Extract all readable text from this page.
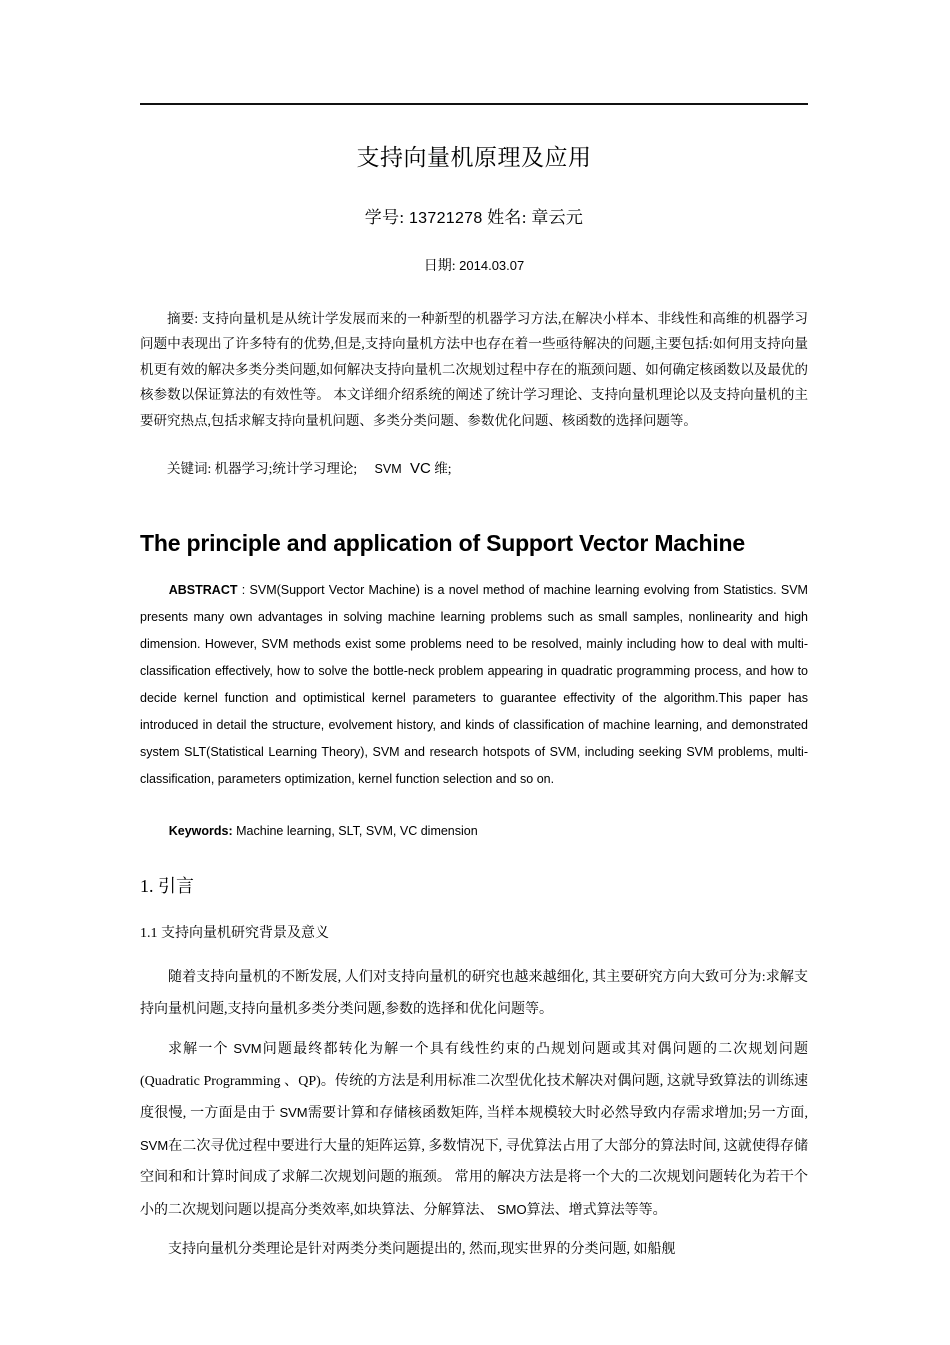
支持向量机原理及应用
学号: 13721278 姓名: 章云元
日期: 2014.03.07
摘要: 支持向量机是从统计学发展而来的一种新型的机器学习方法,在解决小样本、非线性和高维的机器学习问题中表现出了许多特有的优势,但是,支持向量机方法中也存在着一些亟待解决的问题,主要包括:如何用支持向量机更有效的解决多类分类问题,如何解决支持向量机二次规划过程中存在的瓶颈问题、如何确定核函数以及最优的核参数以保证算法的有效性等。 本文详细介绍系统的阐述了统计学习理论、支持向量机理论以及支持向量机的主要研究热点,包括求解支持向量机问题、多类分类问题、参数优化问题、核函数的选择问题等。
关键词: 机器学习;统计学习理论; SVM VC 维;
The principle and application of Support Vector Machine
ABSTRACT : SVM(Support Vector Machine) is a novel method of machine learning evolving from Statistics. SVM presents many own advantages in solving machine learning problems such as small samples, nonlinearity and high dimension. However, SVM methods exist some problems need to be resolved, mainly including how to deal with multi-classification effectively, how to solve the bottle-neck problem appearing in quadratic programming process, and how to decide kernel function and optimistical kernel parameters to guarantee effectivity of the algorithm.This paper has introduced in detail the structure, evolvement history, and kinds of classification of machine learning, and demonstrated system SLT(Statistical Learning Theory), SVM and research hotspots of SVM, including seeking SVM problems, multi-classification, parameters optimization, kernel function selection and so on.
Keywords: Machine learning, SLT, SVM, VC dimension
1. 引言
1.1 支持向量机研究背景及意义
随着支持向量机的不断发展, 人们对支持向量机的研究也越来越细化, 其主要研究方向大致可分为:求解支持向量机问题,支持向量机多类分类问题,参数的选择和优化问题等。
求解一个 SVM问题最终都转化为解一个具有线性约束的凸规划问题或其对偶问题的二次规划问题 (Quadratic Programming 、QP)。传统的方法是利用标准二次型优化技术解决对偶问题, 这就导致算法的训练速度很慢, 一方面是由于 SVM需要计算和存储核函数矩阵, 当样本规模较大时必然导致内存需求增加;另一方面, SVM在二次寻优过程中要进行大量的矩阵运算, 多数情况下, 寻优算法占用了大部分的算法时间, 这就使得存储空间和和计算时间成了求解二次规划问题的瓶颈。 常用的解决方法是将一个大的二次规划问题转化为若干个小的二次规划问题以提高分类效率,如块算法、分解算法、 SMO算法、增式算法等等。
支持向量机分类理论是针对两类分类问题提出的, 然而,现实世界的分类问题, 如船舰
